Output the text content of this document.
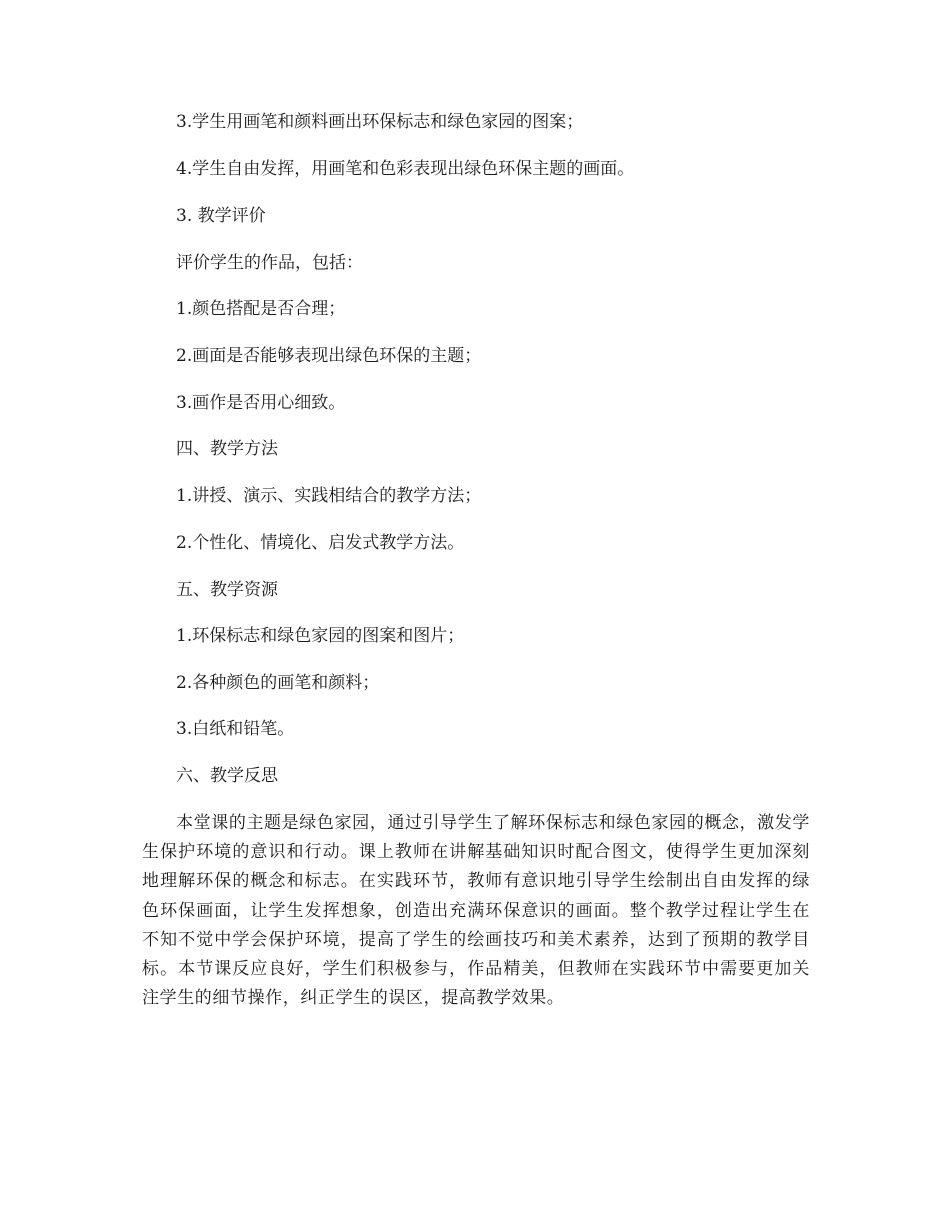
3.学生用画笔和颜料画出环保标志和绿色家园的图案；
4.学生自由发挥，用画笔和色彩表现出绿色环保主题的画面。
3. 教学评价
评价学生的作品，包括：
1.颜色搭配是否合理；
2.画面是否能够表现出绿色环保的主题；
3.画作是否用心细致。
四、教学方法
1.讲授、演示、实践相结合的教学方法；
2.个性化、情境化、启发式教学方法。
五、教学资源
1.环保标志和绿色家园的图案和图片；
2.各种颜色的画笔和颜料；
3.白纸和铅笔。
六、教学反思
本堂课的主题是绿色家园，通过引导学生了解环保标志和绿色家园的概念，激发学生保护环境的意识和行动。课上教师在讲解基础知识时配合图文，使得学生更加深刻地理解环保的概念和标志。在实践环节，教师有意识地引导学生绘制出自由发挥的绿色环保画面，让学生发挥想象，创造出充满环保意识的画面。整个教学过程让学生在不知不觉中学会保护环境，提高了学生的绘画技巧和美术素养，达到了预期的教学目标。本节课反应良好，学生们积极参与，作品精美，但教师在实践环节中需要更加关注学生的细节操作，纠正学生的误区，提高教学效果。
